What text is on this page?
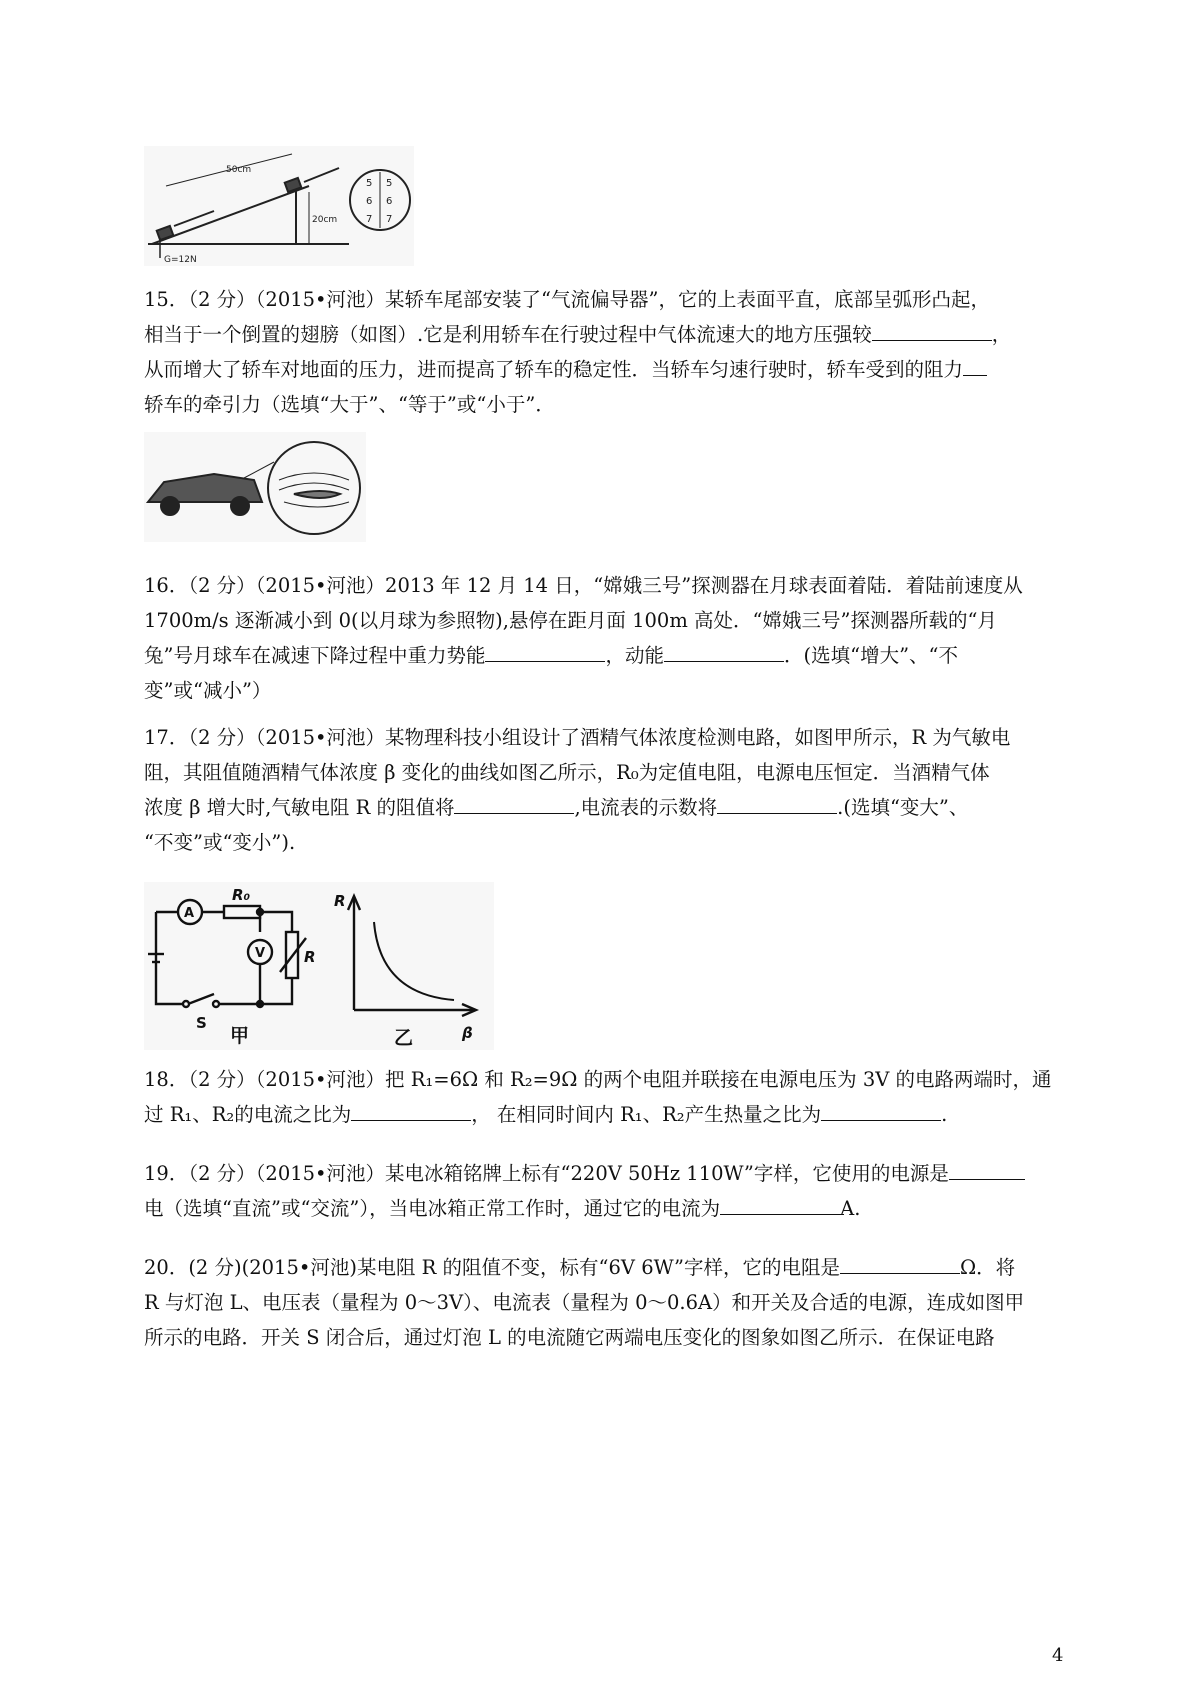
50cm
20cm
G=12N
5
6
7
5
6
7

15．（2 分）（2015•河池）某轿车尾部安装了“气流偏导器”，它的上表面平直，底部呈弧形凸起，

相当于一个倒置的翅膀（如图）.它是利用轿车在行驶过程中气体流速大的地方压强较	，

从而增大了轿车对地面的压力，进而提高了轿车的稳定性．当轿车匀速行驶时，轿车受到的阻力

轿车的牵引力（选填“大于”、“等于”或“小于”．

16．（2 分）（2015•河池）2013 年 12 月 14 日，“嫦娥三号”探测器在月球表面着陆．着陆前速度从

1700m/s 逐渐减小到 0(以月球为参照物),悬停在距月面 100m 高处．“嫦娥三号”探测器所载的“月

兔”号月球车在减速下降过程中重力势能	，动能	．(选填“增大”、“不

变”或“减小”）

17．（2 分）（2015•河池）某物理科技小组设计了酒精气体浓度检测电路，如图甲所示，R 为气敏电

阻，其阻值随酒精气体浓度 β 变化的曲线如图乙所示，R₀为定值电阻，电源电压恒定．当酒精气体

浓度 β 增大时,气敏电阻 R 的阻值将	,电流表的示数将	.(选填“变大”、

“不变”或“变小”).

A
V
R₀
R
S
甲
R
β
乙

18．（2 分）（2015•河池）把 R₁=6Ω 和 R₂=9Ω 的两个电阻并联接在电源电压为 3V 的电路两端时，通

过 R₁、R₂的电流之比为	， 在相同时间内 R₁、R₂产生热量之比为	.

19．（2 分）（2015•河池）某电冰箱铭牌上标有“220V 50Hz 110W”字样，它使用的电源是

电（选填“直流”或“交流”），当电冰箱正常工作时，通过它的电流为	A.

20．(2 分)(2015•河池)某电阻 R 的阻值不变，标有“6V 6W”字样，它的电阻是	Ω．将

R 与灯泡 L、电压表（量程为 0～3V）、电流表（量程为 0～0.6A）和开关及合适的电源，连成如图甲

所示的电路．开关 S 闭合后，通过灯泡 L 的电流随它两端电压变化的图象如图乙所示．在保证电路

4
